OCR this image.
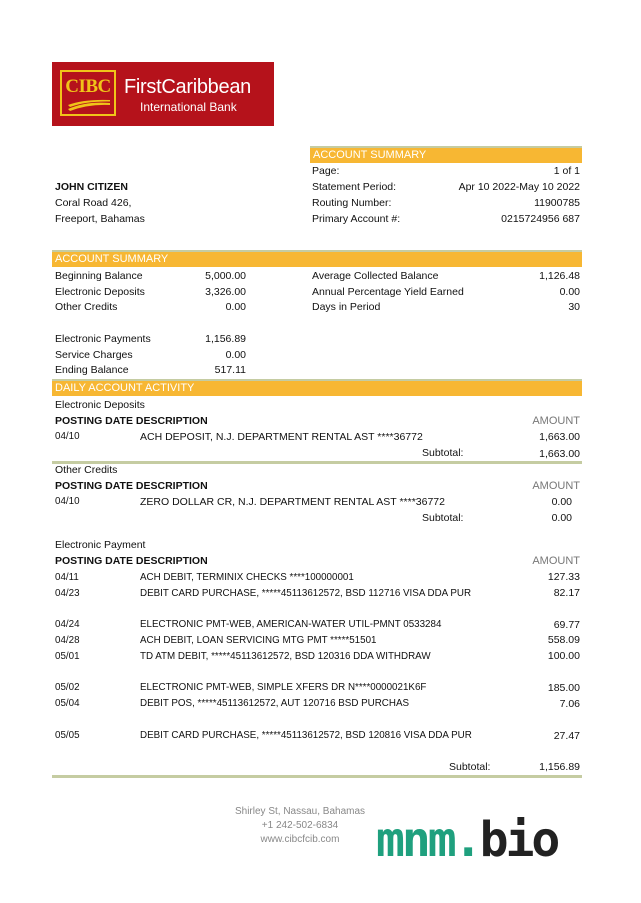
CIBC FirstCaribbean
International Bank
ACCOUNT SUMMARY
JOHN CITIZEN
Coral Road 426,
Freeport, Bahamas
Page:	1 of 1
Statement Period:	Apr 10 2022-May 10 2022
Routing Number:	11900785
Primary Account #:	0215724956 687
ACCOUNT SUMMARY
Beginning Balance	5,000.00
Electronic Deposits	3,326.00
Other Credits	0.00
Electronic Payments	1,156.89
Service Charges	0.00
Ending Balance	517.11
Average Collected Balance	1,126.48
Annual Percentage Yield Earned	0.00
Days in Period	30
DAILY ACCOUNT ACTIVITY
Electronic Deposits
POSTING DATE DESCRIPTION	AMOUNT
04/10	ACH DEPOSIT, N.J. DEPARTMENT RENTAL AST ****36772	1,663.00
Subtotal:	1,663.00
Other Credits
POSTING DATE DESCRIPTION	AMOUNT
04/10	ZERO DOLLAR CR, N.J. DEPARTMENT RENTAL AST ****36772	0.00
Subtotal:	0.00
Electronic Payment
POSTING DATE DESCRIPTION	AMOUNT
04/11	ACH DEBIT, TERMINIX CHECKS ****100000001	127.33
04/23	DEBIT CARD PURCHASE, *****45113612572, BSD 112716 VISA DDA PUR	82.17
04/24	ELECTRONIC PMT-WEB, AMERICAN-WATER UTIL-PMNT 0533284	69.77
04/28	ACH DEBIT, LOAN SERVICING MTG PMT *****51501	558.09
05/01	TD ATM DEBIT, *****45113612572, BSD 120316 DDA WITHDRAW	100.00
05/02	ELECTRONIC PMT-WEB, SIMPLE XFERS DR N****0000021K6F	185.00
05/04	DEBIT POS, *****45113612572, AUT 120716 BSD PURCHAS	7.06
05/05	DEBIT CARD PURCHASE, *****45113612572, BSD 120816 VISA DDA PUR	27.47
Subtotal:	1,156.89
Shirley St, Nassau, Bahamas
+1 242-502-6834
www.cibcfcib.com mnm.bio
